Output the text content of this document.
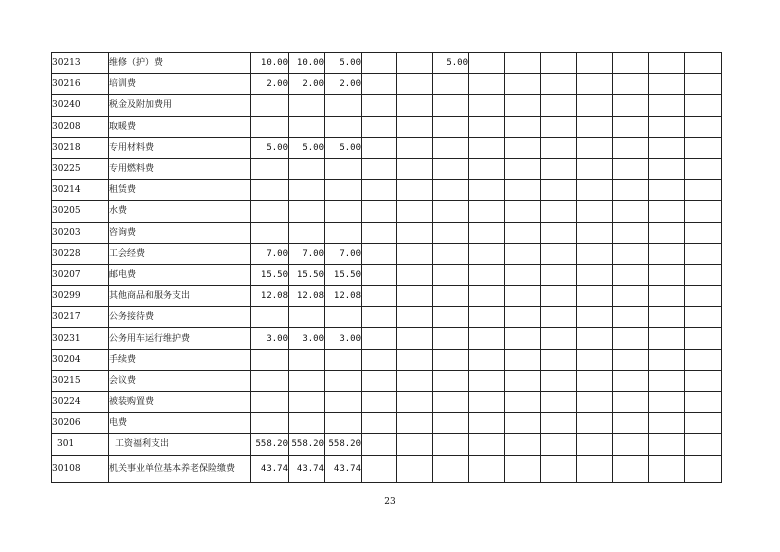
30213	维修（护）费	10.00	10.00	5.00			5.00							
30216	培训费	2.00	2.00	2.00										
30240	税金及附加费用													
30208	取暖费													
30218	专用材料费	5.00	5.00	5.00										
30225	专用燃料费													
30214	租赁费													
30205	水费													
30203	咨询费													
30228	工会经费	7.00	7.00	7.00										
30207	邮电费	15.50	15.50	15.50										
30299	其他商品和服务支出	12.08	12.08	12.08										
30217	公务接待费													
30231	公务用车运行维护费	3.00	3.00	3.00										
30204	手续费													
30215	会议费													
30224	被装购置费													
30206	电费													
301	工资福利支出	558.20	558.20	558.20										
30108	机关事业单位基本养老保险缴费	43.74	43.74	43.74										
23
